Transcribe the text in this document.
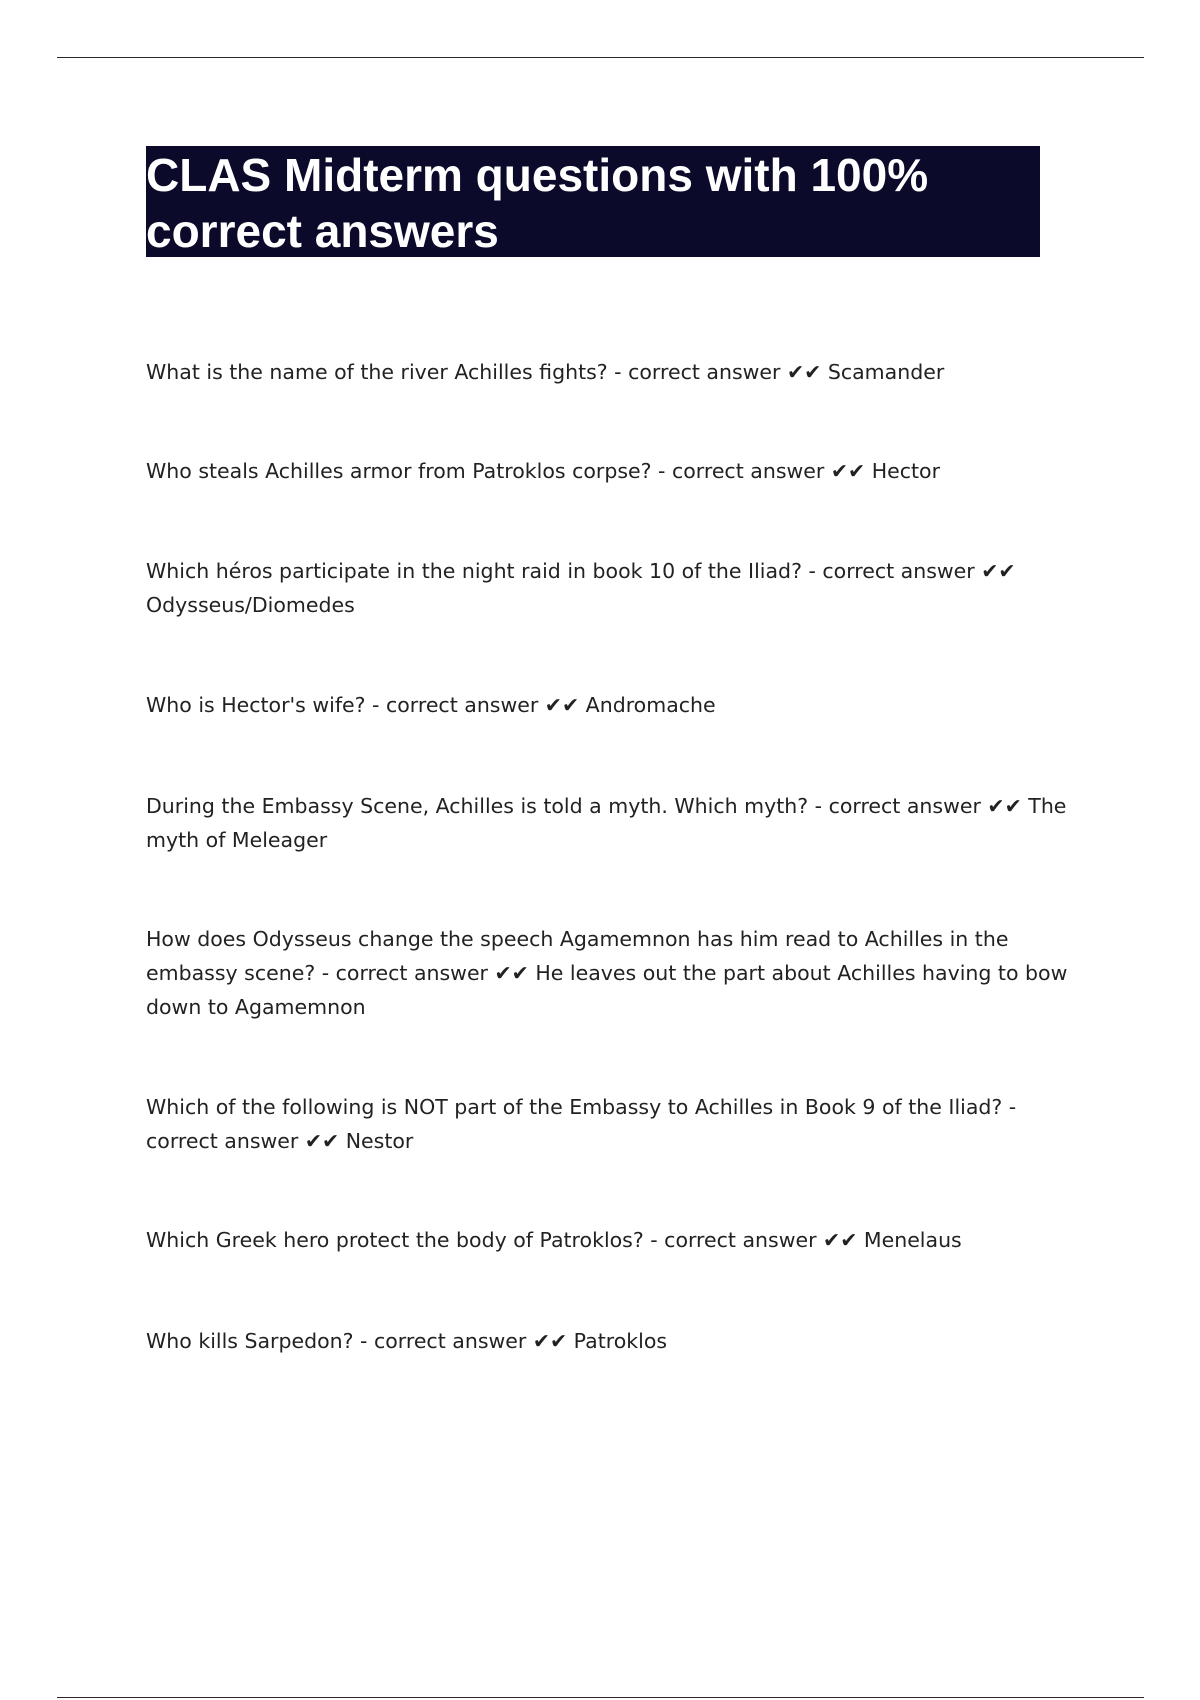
CLAS Midterm questions with 100% correct answers
What is the name of the river Achilles fights? - correct answer ✔✔ Scamander
Who steals Achilles armor from Patroklos corpse? - correct answer ✔✔ Hector
Which héros participate in the night raid in book 10 of the Iliad? - correct answer ✔✔ Odysseus/Diomedes
Who is Hector's wife? - correct answer ✔✔ Andromache
During the Embassy Scene, Achilles is told a myth. Which myth? - correct answer ✔✔ The myth of Meleager
How does Odysseus change the speech Agamemnon has him read to Achilles in the embassy scene? - correct answer ✔✔ He leaves out the part about Achilles having to bow down to Agamemnon
Which of the following is NOT part of the Embassy to Achilles in Book 9 of the Iliad? - correct answer ✔✔ Nestor
Which Greek hero protect the body of Patroklos? - correct answer ✔✔ Menelaus
Who kills Sarpedon? - correct answer ✔✔ Patroklos
